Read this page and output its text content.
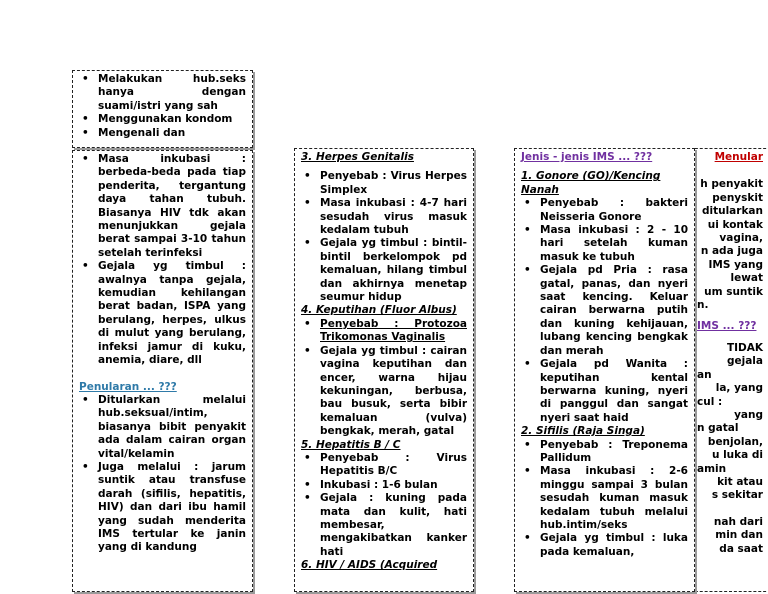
• Melakukan hub.seks hanya dengan suami/istri yang sah
• Menggunakan kondom
• Mengenali dan
• Masa inkubasi : berbeda-beda pada tiap penderita, tergantung daya tahan tubuh. Biasanya HIV tdk akan menunjukkan gejala berat sampai 3-10 tahun setelah terinfeksi
• Gejala yg timbul : awalnya tanpa gejala, kemudian kehilangan berat badan, ISPA yang berulang, herpes, ulkus di mulut yang berulang, infeksi jamur di kuku, anemia, diare, dll
Penularan ... ???
• Ditularkan melalui hub.seksual/intim, biasanya bibit penyakit ada dalam cairan organ vital/kelamin
• Juga melalui : jarum suntik atau transfuse darah (sifilis, hepatitis, HIV) dan dari ibu hamil yang sudah menderita IMS tertular ke janin yang di kandung
3. Herpes Genitalis
• Penyebab : Virus Herpes Simplex
• Masa inkubasi : 4-7 hari sesudah virus masuk kedalam tubuh
• Gejala yg timbul : bintil-bintil berkelompok pd kemaluan, hilang timbul dan akhirnya menetap seumur hidup
4. Keputihan (Fluor Albus)
• Penyebab : Protozoa Trikomonas Vaginalis
• Gejala yg timbul : cairan vagina keputihan dan encer, warna hijau kekuningan, berbusa, bau busuk, serta bibir kemaluan (vulva) bengkak, merah, gatal
5. Hepatitis B / C
• Penyebab : Virus Hepatitis B/C
• Inkubasi : 1-6 bulan
• Gejala : kuning pada mata dan kulit, hati membesar, mengakibatkan kanker hati
6. HIV / AIDS (Acquired
Jenis - jenis IMS ... ???
1. Gonore (GO)/Kencing Nanah
• Penyebab : bakteri Neisseria Gonore
• Masa inkubasi : 2 - 10 hari setelah kuman masuk ke tubuh
• Gejala pd Pria : rasa gatal, panas, dan nyeri saat kencing. Keluar cairan berwarna putih dan kuning kehijauan, lubang kencing bengkak dan merah
• Gejala pd Wanita : keputihan kental berwarna kuning, nyeri di panggul dan sangat nyeri saat haid
2. Sifilis (Raja Singa)
• Penyebab : Treponema Pallidum
• Masa inkubasi : 2-6 minggu sampai 3 bulan sesudah kuman masuk kedalam tubuh melalui hub.intim/seks
• Gejala yg timbul : luka pada kemaluan,
Menular
h penyakit
penyskit
ditularkan
ui kontak
vagina,
n ada juga
IMS yang
lewat
um suntik
n.
IMS ... ???
TIDAK
gejala
an
la, yang
cul :
yang
n gatal
benjolan,
u luka di
amin
kit atau
s sekitar
nah dari
min dan
da saat
